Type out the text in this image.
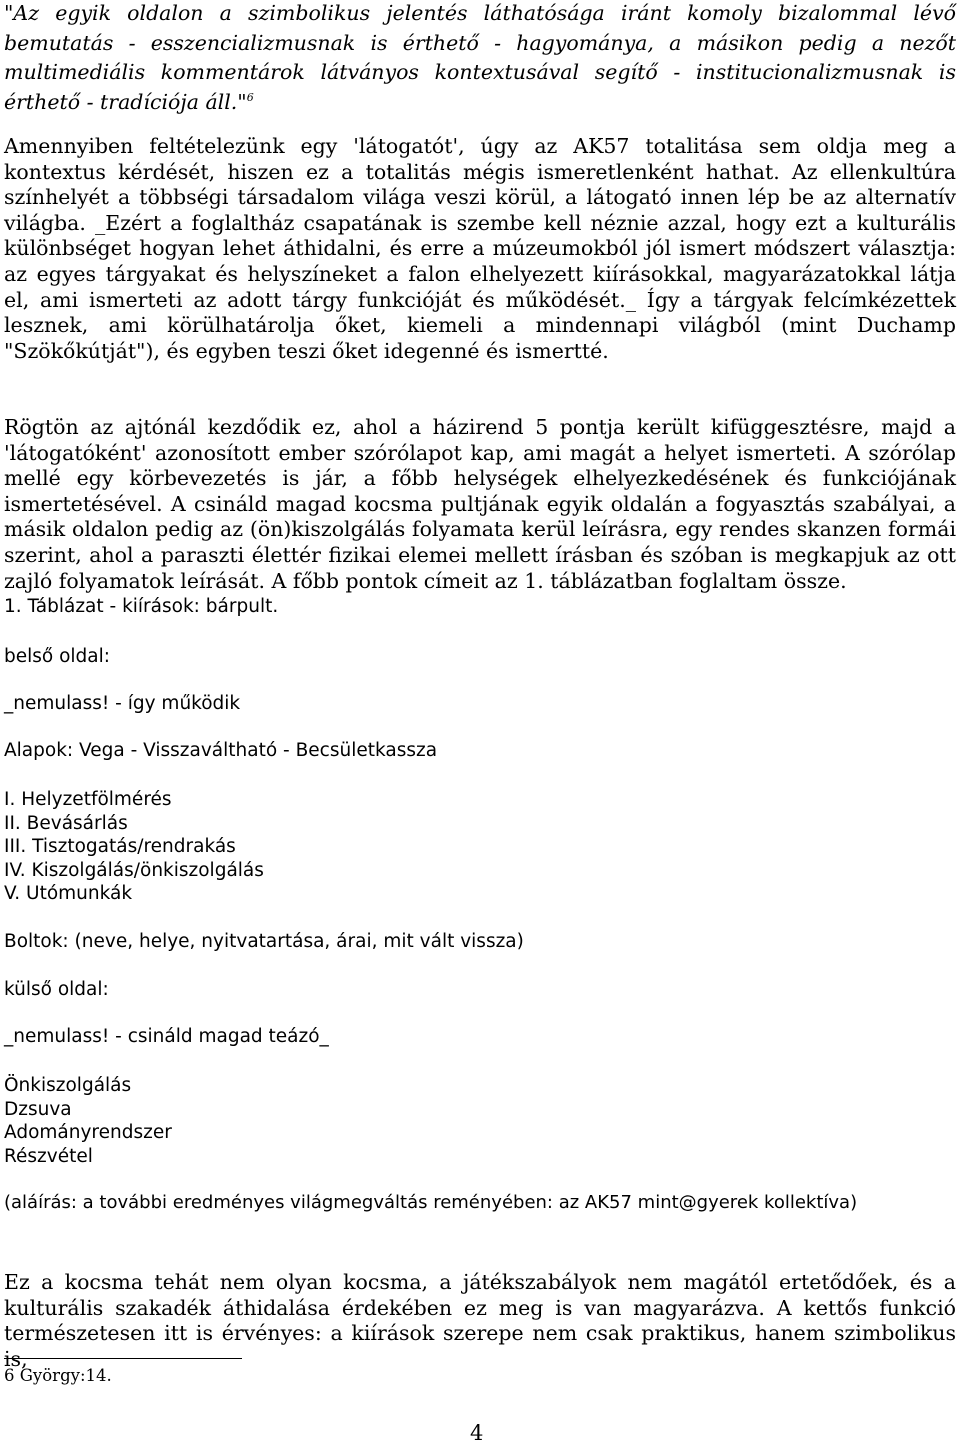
"Az egyik oldalon a szimbolikus jelentés láthatósága iránt komoly bizalommal lévő bemutatás - esszencializmusnak is érthető - hagyománya, a másikon pedig a nezőt multimediális kommentárok látványos kontextusával segítő - institucionalizmusnak is érthető - tradíciója áll."$^6$

Amennyiben feltételezünk egy 'látogatót', úgy az AK57 totalitása sem oldja meg a kontextus kérdését, hiszen ez a totalitás mégis ismeretlenként hathat. Az ellenkultúra színhelyét a többségi társadalom világa veszi körül, a látogató innen lép be az alternatív világba. _Ezért a foglaltház csapatának is szembe kell néznie azzal, hogy ezt a kulturális különbséget hogyan lehet áthidalni, és erre a múzeumokból jól ismert módszert választja: az egyes tárgyakat és helyszíneket a falon elhelyezett kiírásokkal, magyarázatokkal látja el, ami ismerteti az adott tárgy funkcióját és működését._ Így a tárgyak felcímkézettek lesznek, ami körülhatárolja őket, kiemeli a mindennapi világból (mint Duchamp "Szökőkútját"), és egyben teszi őket idegenné és ismertté.

Rögtön az ajtónál kezdődik ez, ahol a házirend 5 pontja került kifüggesztésre, majd a 'látogatóként' azonosított ember szórólapot kap, ami magát a helyet ismerteti. A szórólap mellé egy körbevezetés is jár, a főbb helységek elhelyezkedésének és funkciójának ismertetésével. A csináld magad kocsma pultjának egyik oldalán a fogyasztás szabályai, a másik oldalon pedig az (ön)kiszolgálás folyamata kerül leírásra, egy rendes skanzen formái szerint, ahol a paraszti élettér fizikai elemei mellett írásban és szóban is megkapjuk az ott zajló folyamatok leírását. A főbb pontok címeit az 1. táblázatban foglaltam össze.

1. Táblázat - kiírások: bárpult.
belső oldal:
_nemulass! - így működik
Alapok: Vega - Visszaváltható - Becsületkassza
I. Helyzetfölmérés
II. Bevásárlás
III. Tisztogatás/rendrakás
IV. Kiszolgálás/önkiszolgálás
V. Utómunkák
Boltok: (neve, helye, nyitvatartása, árai, mit vált vissza)
külső oldal:
_nemulass! - csináld magad teázó_
Önkiszolgálás
Dzsuva
Adományrendszer
Részvétel
(aláírás: a további eredményes világmegváltás reményében: az AK57 mint@gyerek kollektíva)

Ez a kocsma tehát nem olyan kocsma, a játékszabályok nem magától ertetődőek, és a kulturális szakadék áthidalása érdekében ez meg is van magyarázva. A kettős funkció természetesen itt is érvényes: a kiírások szerepe nem csak praktikus, hanem szimbolikus is,

6 György:14.
4
